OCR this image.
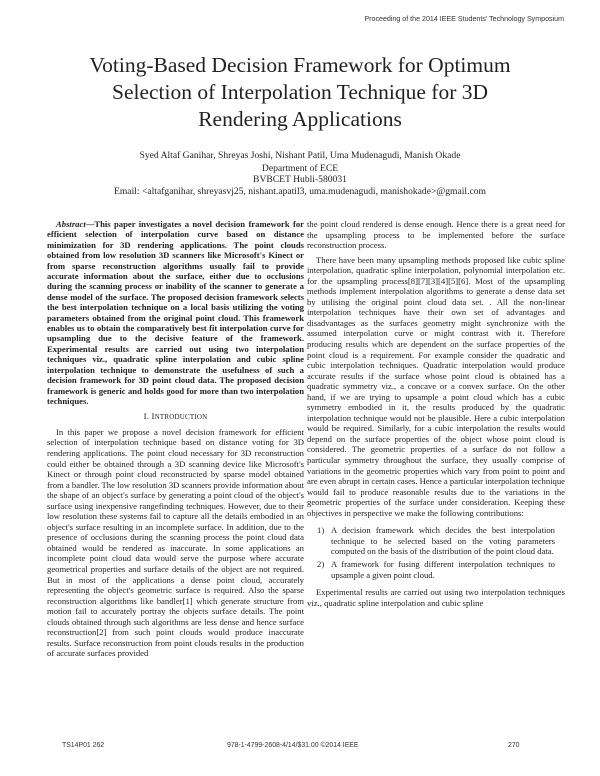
Proceeding of the 2014 IEEE Students' Technology Symposium
Voting-Based Decision Framework for Optimum
Selection of Interpolation Technique for 3D
Rendering Applications
Syed Altaf Ganihar, Shreyas Joshi, Nishant Patil, Uma Mudenagudi, Manish Okade
Department of ECE
BVBCET Hubli-580031
Email: <altafganihar, shreyasvj25, nishant.apatil3, uma.mudenagudi, manishokade>@gmail.com

Abstract—This paper investigates a novel decision framework for efficient selection of interpolation curve based on distance minimization for 3D rendering applications. The point clouds obtained from low resolution 3D scanners like Microsoft's Kinect or from sparse reconstruction algorithms usually fail to provide accurate information about the surface, either due to occlusions during the scanning process or inability of the scanner to generate a dense model of the surface. The proposed decision framework selects the best interpolation technique on a local basis utilizing the voting parameters obtained from the original point cloud. This framework enables us to obtain the comparatively best fit interpolation curve for upsampling due to the decisive feature of the framework. Experimental results are carried out using two interpolation techniques viz., quadratic spline interpolation and cubic spline interpolation technique to demonstrate the usefulness of such a decision framework for 3D point cloud data. The proposed decision framework is generic and holds good for more than two interpolation techniques.

I. INTRODUCTION

In this paper we propose a novel decision framework for efficient selection of interpolation technique based on distance voting for 3D rendering applications. The point cloud necessary for 3D reconstruction could either be obtained through a 3D scanning device like Microsoft's Kinect or through point cloud reconstructed by sparse model obtained from a bandler. The low resolution 3D scanners provide information about the shape of an object's surface by generating a point cloud of the object's surface using inexpensive rangefinding techniques. However, due to their low resolution these systems fail to capture all the details embodied in an object's surface resulting in an incomplete surface. In addition, due to the presence of occlusions during the scanning process the point cloud data obtained would be rendered as inaccurate. In some applications an incomplete point cloud data would serve the purpose where accurate geometrical properties and surface details of the object are not required. But in most of the applications a dense point cloud, accurately representing the object's geometric surface is required. Also the sparse reconstruction algorithms like bandler[1] which generate structure from motion fail to accurately portray the objects surface details. The point clouds obtained through such algorithms are less dense and hence surface reconstruction[2] from such point clouds would produce inaccurate results. Surface reconstruction from point clouds results in the production of accurate surfaces provided

the point cloud rendered is dense enough. Hence there is a great need for the upsampling process to be implemented before the surface reconstruction process.

There have been many upsampling methods proposed like cubic spline interpolation, quadratic spline interpolation, polynomial interpolation etc. for the upsampling process[8][7][3][4][5][6]. Most of the upsampling methods implement interpolation algorithms to generate a dense data set by utilising the original point cloud data set. . All the non-linear interpolation techniques have their own set of advantages and disadvantages as the surfaces geometry might synchronize with the assumed interpolation curve or might contrast with it. Therefore producing results which are dependent on the surface properties of the point cloud is a requirement. For example consider the quadratic and cubic interpolation techniques. Quadratic interpolation would produce accurate results if the surface whose point cloud is obtained has a quadratic symmetry viz., a concave or a convex surface. On the other hand, if we are trying to upsample a point cloud which has a cubic symmetry embodied in it, the results produced by the quadratic interpolation technique would not be plausible. Here a cubic interpolation would be required. Similarly, for a cubic interpolation the results would depend on the surface properties of the object whose point cloud is considered. The geometric properties of a surface do not follow a particular symmetry throughout the surface, they usually comprise of variations in the geometric properties which vary from point to point and are even abrupt in certain cases. Hence a particular interpolation technique would fail to produce reasonable results due to the variations in the geometric properties of the surface under consideration. Keeping these objectives in perspective we make the following contributions:

1) A decision framework which decides the best interpolation technique to be selected based on the voting parameters computed on the basis of the distribution of the point cloud data.
2) A framework for fusing different interpolation techniques to upsample a given point cloud.

Experimental results are carried out using two interpolation techniques viz., quadratic spline interpolation and cubic spline

TS14P01 262	978-1-4799-2608-4/14/$31.00 ©2014 IEEE	270
